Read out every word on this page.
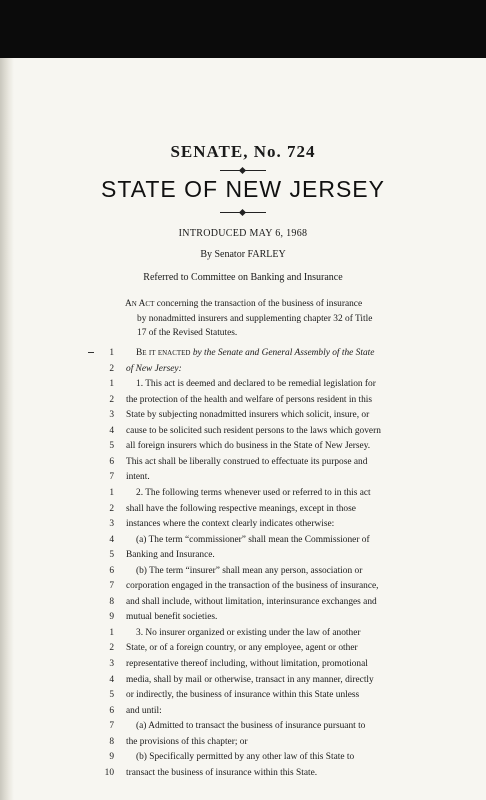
SENATE, No. 724
STATE OF NEW JERSEY
INTRODUCED MAY 6, 1968
By Senator FARLEY
Referred to Committee on Banking and Insurance
An Act concerning the transaction of the business of insurance
by nonadmitted insurers and supplementing chapter 32 of Title
17 of the Revised Statutes.
1 Be it enacted by the Senate and General Assembly of the State
2 of New Jersey:
1 1. This act is deemed and declared to be remedial legislation for
2 the protection of the health and welfare of persons resident in this
3 State by subjecting nonadmitted insurers which solicit, insure, or
4 cause to be solicited such resident persons to the laws which govern
5 all foreign insurers which do business in the State of New Jersey.
6 This act shall be liberally construed to effectuate its purpose and
7 intent.
1 2. The following terms whenever used or referred to in this act
2 shall have the following respective meanings, except in those
3 instances where the context clearly indicates otherwise:
4 (a) The term “commissioner” shall mean the Commissioner of
5 Banking and Insurance.
6 (b) The term “insurer” shall mean any person, association or
7 corporation engaged in the transaction of the business of insurance,
8 and shall include, without limitation, interinsurance exchanges and
9 mutual benefit societies.
1 3. No insurer organized or existing under the law of another
2 State, or of a foreign country, or any employee, agent or other
3 representative thereof including, without limitation, promotional
4 media, shall by mail or otherwise, transact in any manner, directly
5 or indirectly, the business of insurance within this State unless
6 and until:
7 (a) Admitted to transact the business of insurance pursuant to
8 the provisions of this chapter; or
9 (b) Specifically permitted by any other law of this State to
10 transact the business of insurance within this State.
